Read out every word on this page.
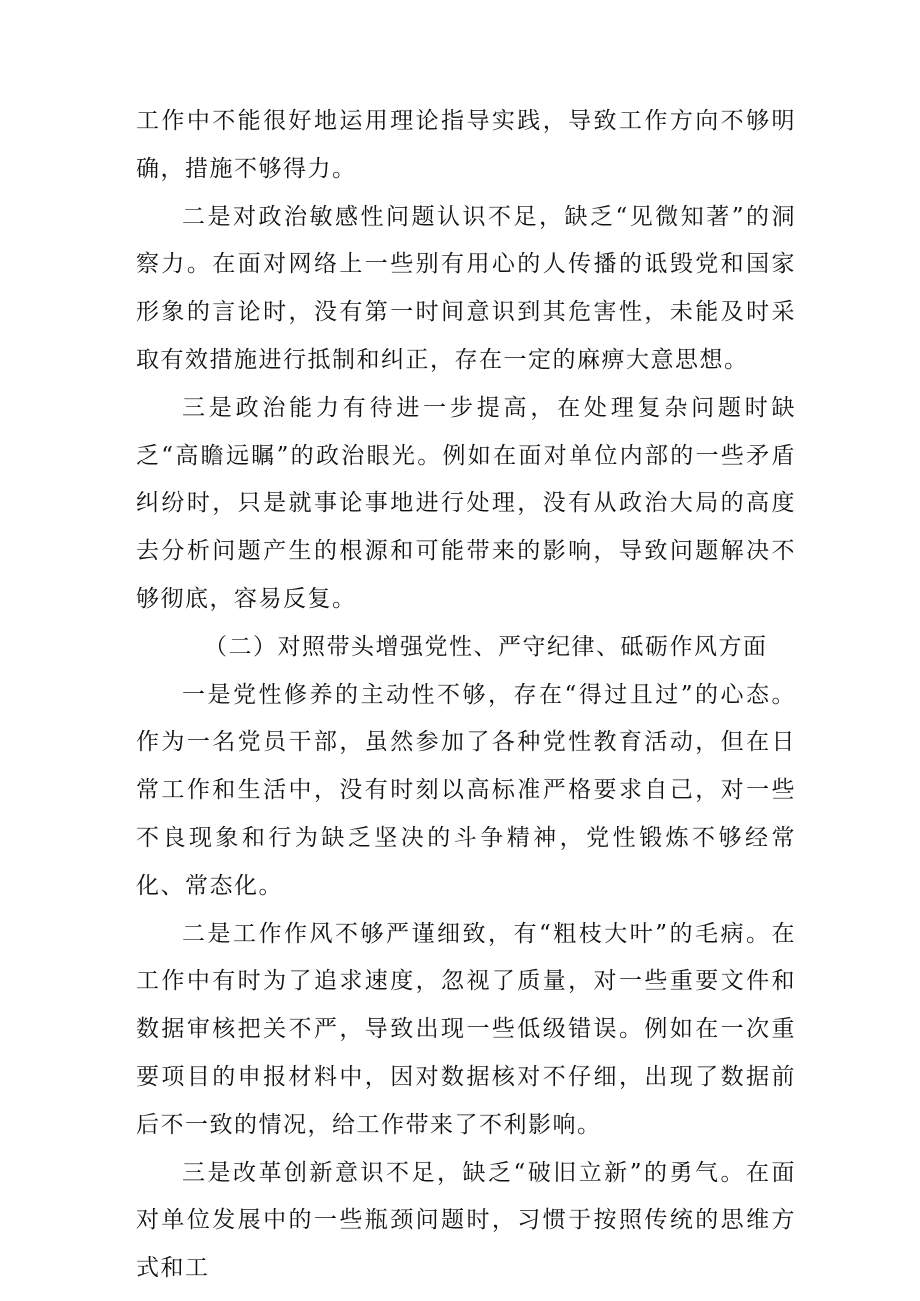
工作中不能很好地运用理论指导实践，导致工作方向不够明确，措施不够得力。

二是对政治敏感性问题认识不足，缺乏“见微知著”的洞察力。在面对网络上一些别有用心的人传播的诋毁党和国家形象的言论时，没有第一时间意识到其危害性，未能及时采取有效措施进行抵制和纠正，存在一定的麻痹大意思想。

三是政治能力有待进一步提高，在处理复杂问题时缺乏“高瞻远瞩”的政治眼光。例如在面对单位内部的一些矛盾纠纷时，只是就事论事地进行处理，没有从政治大局的高度去分析问题产生的根源和可能带来的影响，导致问题解决不够彻底，容易反复。

（二）对照带头增强党性、严守纪律、砥砺作风方面

一是党性修养的主动性不够，存在“得过且过”的心态。作为一名党员干部，虽然参加了各种党性教育活动，但在日常工作和生活中，没有时刻以高标准严格要求自己，对一些不良现象和行为缺乏坚决的斗争精神，党性锻炼不够经常化、常态化。

二是工作作风不够严谨细致，有“粗枝大叶”的毛病。在工作中有时为了追求速度，忽视了质量，对一些重要文件和数据审核把关不严，导致出现一些低级错误。例如在一次重要项目的申报材料中，因对数据核对不仔细，出现了数据前后不一致的情况，给工作带来了不利影响。

三是改革创新意识不足，缺乏“破旧立新”的勇气。在面对单位发展中的一些瓶颈问题时，习惯于按照传统的思维方式和工
